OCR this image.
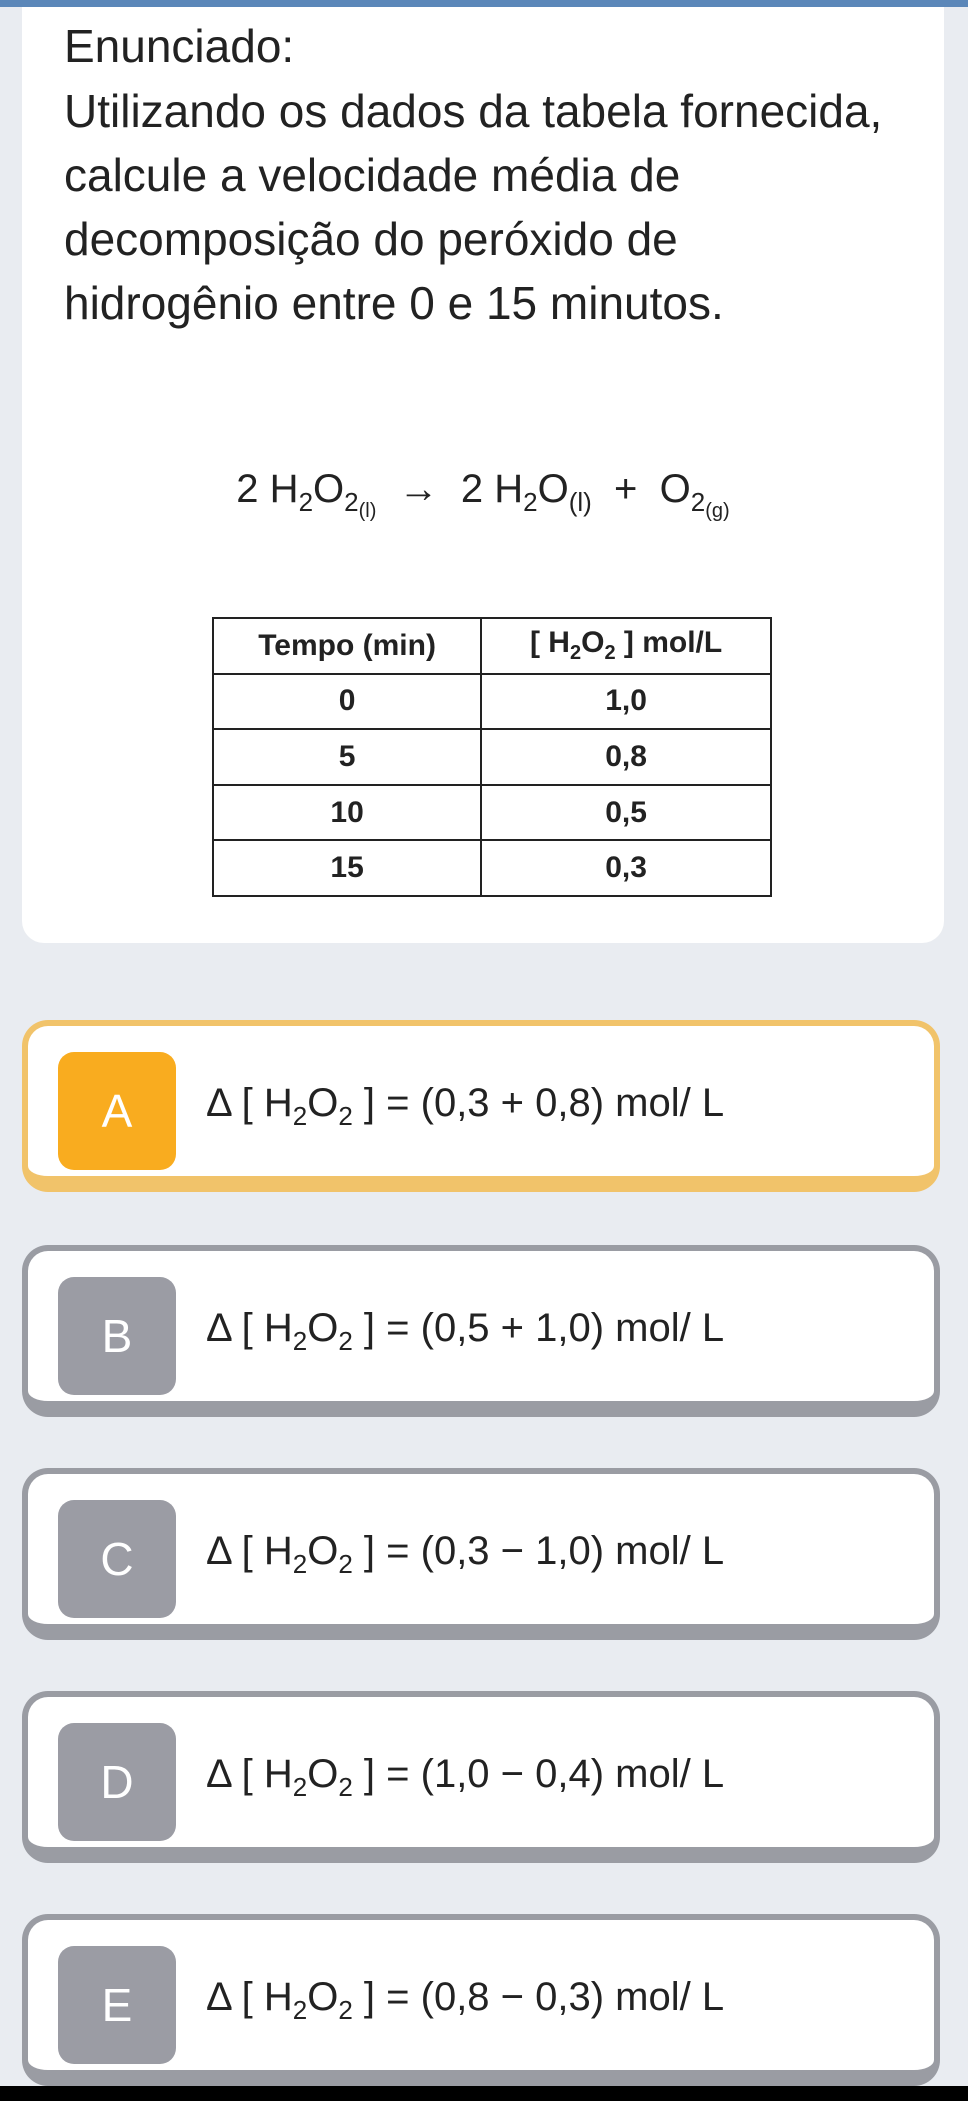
Enunciado:
Utilizando os dados da tabela fornecida, calcule a velocidade média de decomposição do peróxido de hidrogênio entre 0 e 15 minutos.
2 $H_2O_{2_{(l)}} \to 2$ $H_2O_{(l)} + O_{2_{(g)}}$
Tempo (min)	[ $H_2O_2$ ] mol/L
0	1,0
5	0,8
10	0,5
15	0,3
A	Δ [ $H_2O_2$ ] = (0,3 + 0,8) mol/ L
B	Δ [ $H_2O_2$ ] = (0,5 + 1,0) mol/ L
C	Δ [ $H_2O_2$ ] = (0,3 − 1,0) mol/ L
D	Δ [ $H_2O_2$ ] = (1,0 − 0,4) mol/ L
E	Δ [ $H_2O_2$ ] = (0,8 − 0,3) mol/ L
